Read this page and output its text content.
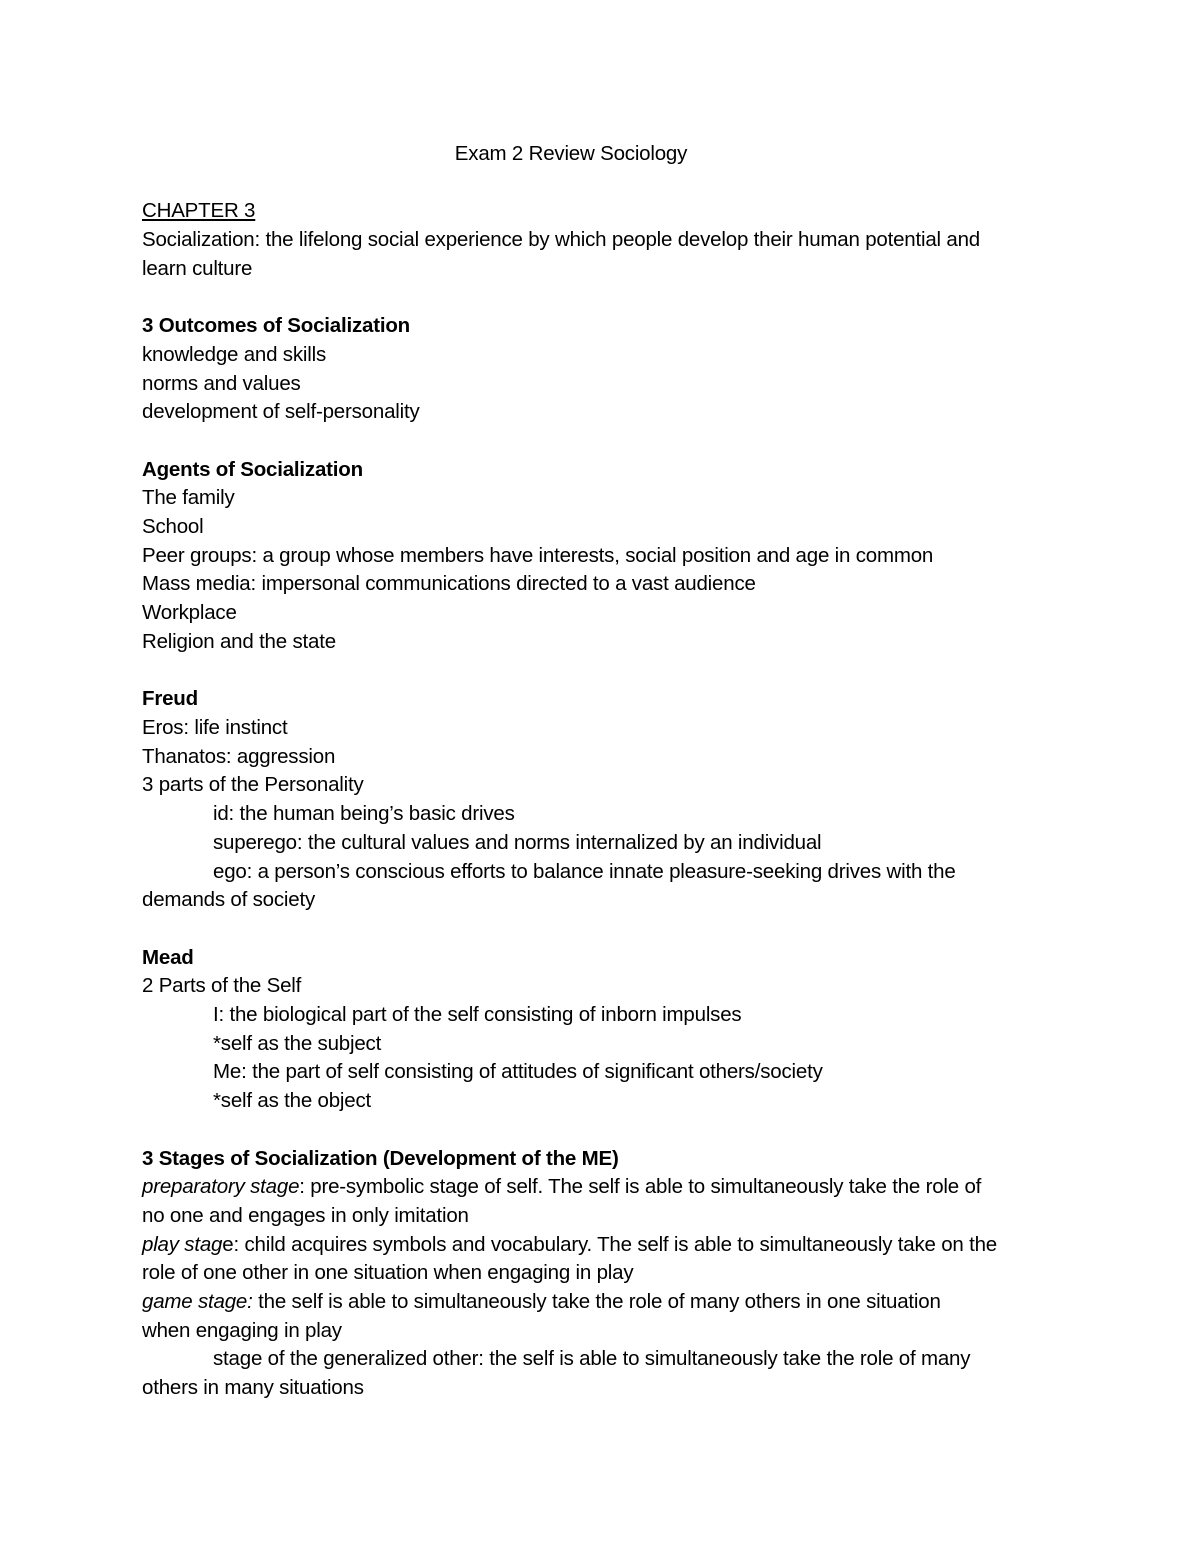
Exam 2 Review Sociology

CHAPTER 3

Socialization: the lifelong social experience by which people develop their human potential and

learn culture

3 Outcomes of Socialization

knowledge and skills

norms and values

development of self-personality

Agents of Socialization

The family

School

Peer groups: a group whose members have interests, social position and age in common

Mass media: impersonal communications directed to a vast audience

Workplace

Religion and the state

Freud

Eros: life instinct

Thanatos: aggression

3 parts of the Personality

id: the human being’s basic drives

superego: the cultural values and norms internalized by an individual

ego: a person’s conscious efforts to balance innate pleasure-seeking drives with the

demands of society

Mead

2 Parts of the Self

I: the biological part of the self consisting of inborn impulses

*self as the subject

Me: the part of self consisting of attitudes of significant others/society

*self as the object

3 Stages of Socialization (Development of the ME)

preparatory stage: pre-symbolic stage of self. The self is able to simultaneously take the role of

no one and engages in only imitation

play stage: child acquires symbols and vocabulary. The self is able to simultaneously take on the

role of one other in one situation when engaging in play

game stage: the self is able to simultaneously take the role of many others in one situation

when engaging in play

stage of the generalized other: the self is able to simultaneously take the role of many

others in many situations
